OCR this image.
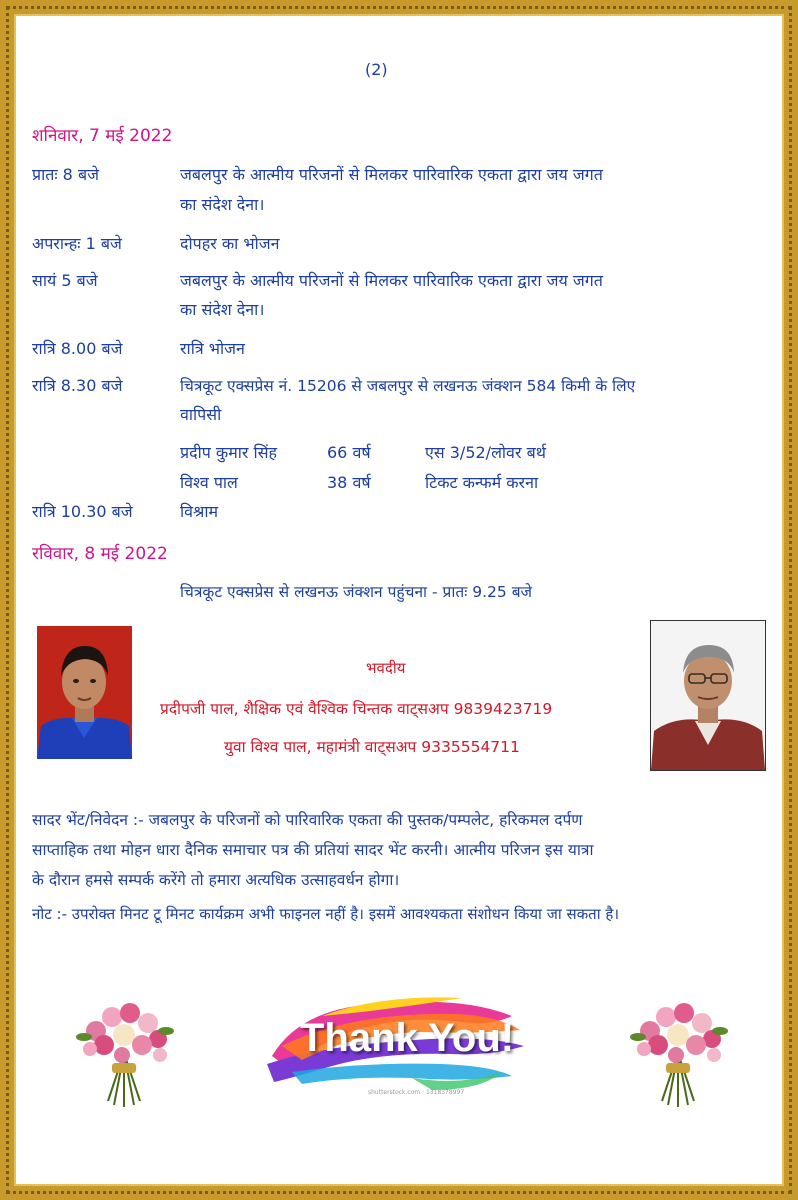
(2)
शनिवार, 7 मई 2022
प्रातः 8 बजे	जबलपुर के आत्मीय परिजनों से मिलकर पारिवारिक एकता द्वारा जय जगत
का संदेश देना।
अपरान्हः 1 बजे	दोपहर का भोजन
सायं 5 बजे	जबलपुर के आत्मीय परिजनों से मिलकर पारिवारिक एकता द्वारा जय जगत
का संदेश देना।
रात्रि 8.00 बजे	रात्रि भोजन
रात्रि 8.30 बजे	चित्रकूट एक्सप्रेस नं. 15206 से जबलपुर से लखनऊ जंक्शन 584 किमी के लिए
वापिसी
प्रदीप कुमार सिंह	66 वर्ष	एस 3/52/लोवर बर्थ
विश्व पाल	38 वर्ष	टिकट कन्फर्म करना
रात्रि 10.30 बजे	विश्राम
रविवार, 8 मई 2022
चित्रकूट एक्सप्रेस से लखनऊ जंक्शन पहुंचना - प्रातः 9.25 बजे
भवदीय
प्रदीपजी पाल, शैक्षिक एवं वैश्विक चिन्तक वाट्सअप 9839423719
युवा विश्व पाल, महामंत्री वाट्सअप 9335554711
सादर भेंट/निवेदन :- जबलपुर के परिजनों को पारिवारिक एकता की पुस्तक/पम्पलेट, हरिकमल दर्पण
साप्ताहिक तथा मोहन धारा दैनिक समाचार पत्र की प्रतियां सादर भेंट करनी। आत्मीय परिजन इस यात्रा
के दौरान हमसे सम्पर्क करेंगे तो हमारा अत्यधिक उत्साहवर्धन होगा।
नोट :- उपरोक्त मिनट टू मिनट कार्यक्रम अभी फाइनल नहीं है। इसमें आवश्यकता संशोधन किया जा सकता है।
Thank You!
shutterstock.com · 1318378997
